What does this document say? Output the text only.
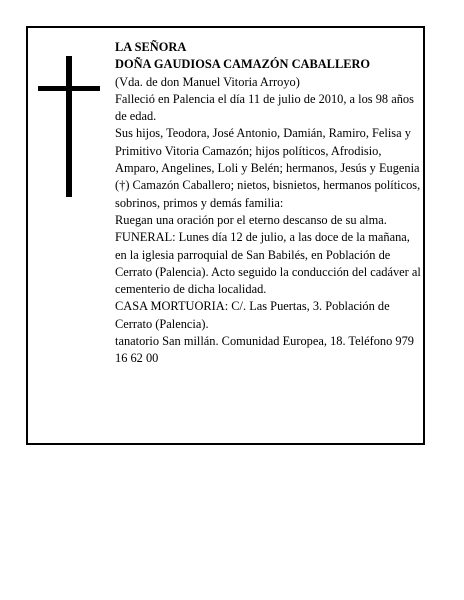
LA SEÑORA

DOÑA GAUDIOSA CAMAZÓN CABALLERO

(Vda. de don Manuel Vitoria Arroyo)

Falleció en Palencia el día 11 de julio de 2010, a los 98 años de edad.

Sus hijos, Teodora, José Antonio, Damián, Ramiro, Felisa y Primitivo Vitoria Camazón; hijos políticos, Afrodisio, Amparo, Angelines, Loli y Belén; hermanos, Jesús y Eugenia (†) Camazón Caballero; nietos, bisnietos, hermanos políticos, sobrinos, primos y demás familia:

Ruegan una oración por el eterno descanso de su alma.

FUNERAL: Lunes día 12 de julio, a las doce de la mañana, en la iglesia parroquial de San Babilés, en Población de Cerrato (Palencia). Acto seguido la conducción del cadáver al cementerio de dicha localidad.

CASA MORTUORIA: C/. Las Puertas, 3. Población de Cerrato (Palencia).

tanatorio San millán. Comunidad Europea, 18. Teléfono 979 16 62 00
